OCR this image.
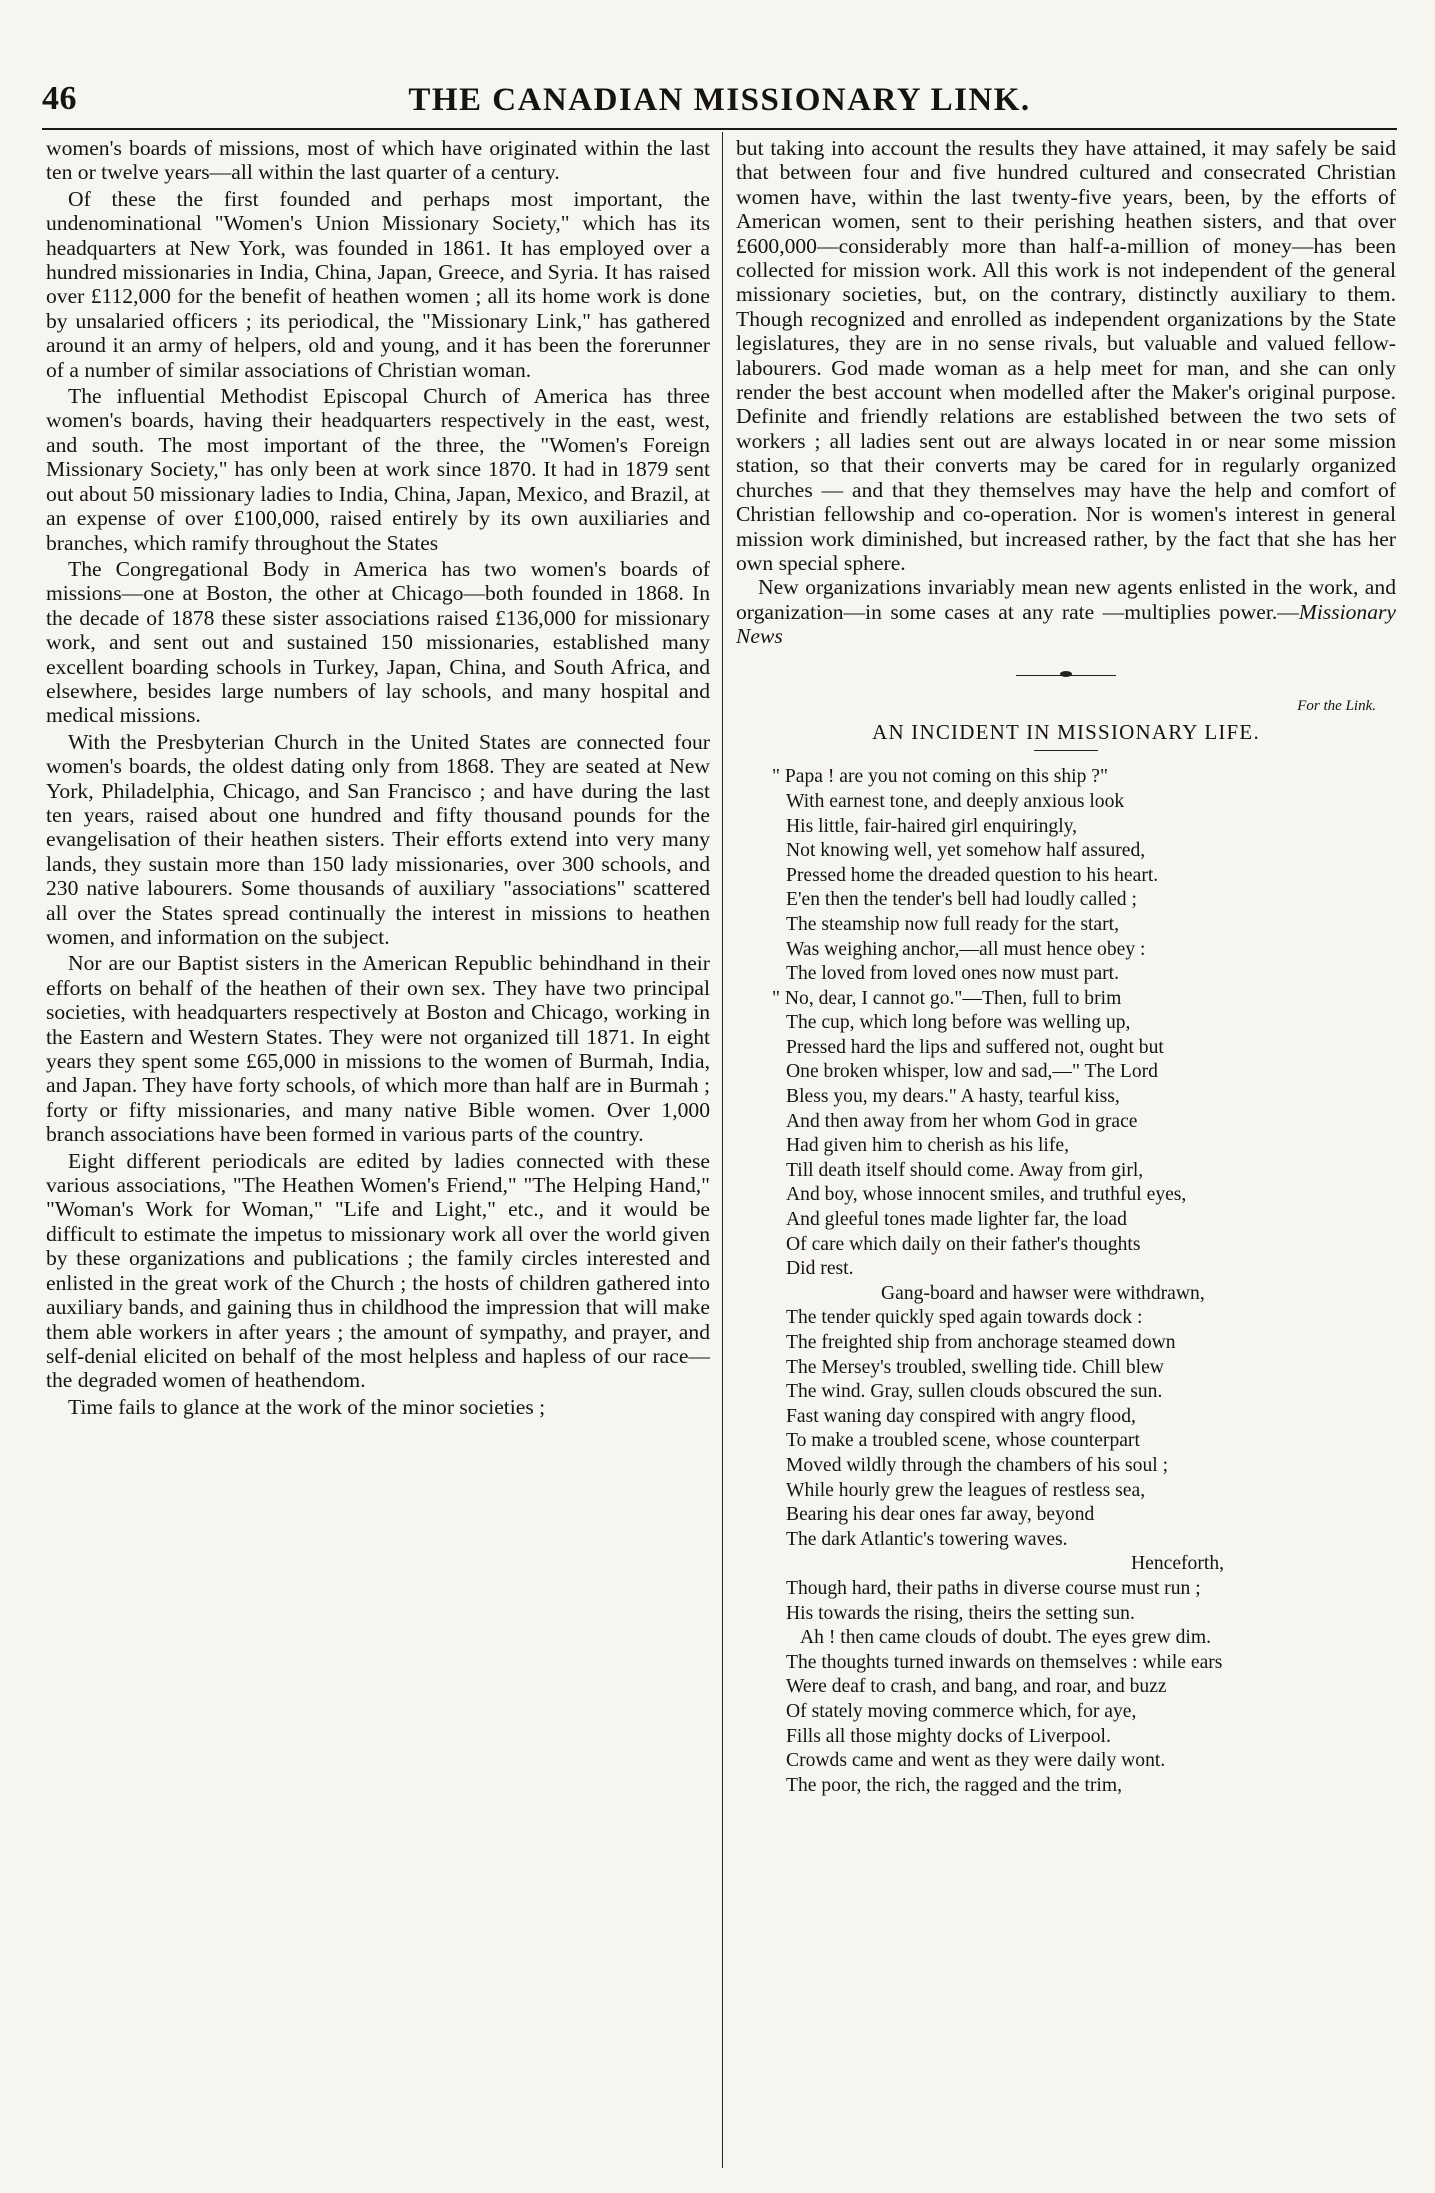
46	THE CANADIAN MISSIONARY LINK.

women's boards of missions, most of which have originated within the last ten or twelve years—all within the last quarter of a century.

Of these the first founded and perhaps most important, the undenominational "Women's Union Missionary Society," which has its headquarters at New York, was founded in 1861. It has employed over a hundred missionaries in India, China, Japan, Greece, and Syria. It has raised over £112,000 for the benefit of heathen women ; all its home work is done by unsalaried officers ; its periodical, the "Missionary Link," has gathered around it an army of helpers, old and young, and it has been the forerunner of a number of similar associations of Christian woman.

The influential Methodist Episcopal Church of America has three women's boards, having their headquarters respectively in the east, west, and south. The most important of the three, the "Women's Foreign Missionary Society," has only been at work since 1870. It had in 1879 sent out about 50 missionary ladies to India, China, Japan, Mexico, and Brazil, at an expense of over £100,000, raised entirely by its own auxiliaries and branches, which ramify throughout the States

The Congregational Body in America has two women's boards of missions—one at Boston, the other at Chicago—both founded in 1868. In the decade of 1878 these sister associations raised £136,000 for missionary work, and sent out and sustained 150 missionaries, established many excellent boarding schools in Turkey, Japan, China, and South Africa, and elsewhere, besides large numbers of lay schools, and many hospital and medical missions.

With the Presbyterian Church in the United States are connected four women's boards, the oldest dating only from 1868. They are seated at New York, Philadelphia, Chicago, and San Francisco ; and have during the last ten years, raised about one hundred and fifty thousand pounds for the evangelisation of their heathen sisters. Their efforts extend into very many lands, they sustain more than 150 lady missionaries, over 300 schools, and 230 native labourers. Some thousands of auxiliary "associations" scattered all over the States spread continually the interest in missions to heathen women, and information on the subject.

Nor are our Baptist sisters in the American Republic behindhand in their efforts on behalf of the heathen of their own sex. They have two principal societies, with headquarters respectively at Boston and Chicago, working in the Eastern and Western States. They were not organized till 1871. In eight years they spent some £65,000 in missions to the women of Burmah, India, and Japan. They have forty schools, of which more than half are in Burmah ; forty or fifty missionaries, and many native Bible women. Over 1,000 branch associations have been formed in various parts of the country.

Eight different periodicals are edited by ladies connected with these various associations, "The Heathen Women's Friend," "The Helping Hand," "Woman's Work for Woman," "Life and Light," etc., and it would be difficult to estimate the impetus to missionary work all over the world given by these organizations and publications ; the family circles interested and enlisted in the great work of the Church ; the hosts of children gathered into auxiliary bands, and gaining thus in childhood the impression that will make them able workers in after years ; the amount of sympathy, and prayer, and self-denial elicited on behalf of the most helpless and hapless of our race—the degraded women of heathendom.

Time fails to glance at the work of the minor societies ;

but taking into account the results they have attained, it may safely be said that between four and five hundred cultured and consecrated Christian women have, within the last twenty-five years, been, by the efforts of American women, sent to their perishing heathen sisters, and that over £600,000—considerably more than half-a-million of money—has been collected for mission work. All this work is not independent of the general missionary societies, but, on the contrary, distinctly auxiliary to them. Though recognized and enrolled as independent organizations by the State legislatures, they are in no sense rivals, but valuable and valued fellow-labourers. God made woman as a help meet for man, and she can only render the best account when modelled after the Maker's original purpose. Definite and friendly relations are established between the two sets of workers ; all ladies sent out are always located in or near some mission station, so that their converts may be cared for in regularly organized churches — and that they themselves may have the help and comfort of Christian fellowship and co-operation. Nor is women's interest in general mission work diminished, but increased rather, by the fact that she has her own special sphere.

New organizations invariably mean new agents enlisted in the work, and organization—in some cases at any rate —multiplies power.—Missionary News

For the Link.
AN INCIDENT IN MISSIONARY LIFE.
" Papa ! are you not coming on this ship ?"
With earnest tone, and deeply anxious look
His little, fair-haired girl enquiringly,
Not knowing well, yet somehow half assured,
Pressed home the dreaded question to his heart.
E'en then the tender's bell had loudly called ;
The steamship now full ready for the start,
Was weighing anchor,—all must hence obey :
The loved from loved ones now must part.
" No, dear, I cannot go."—Then, full to brim
The cup, which long before was welling up,
Pressed hard the lips and suffered not, ought but
One broken whisper, low and sad,—" The Lord
Bless you, my dears." A hasty, tearful kiss,
And then away from her whom God in grace
Had given him to cherish as his life,
Till death itself should come. Away from girl,
And boy, whose innocent smiles, and truthful eyes,
And gleeful tones made lighter far, the load
Of care which daily on their father's thoughts
Did rest.
Gang-board and hawser were withdrawn,
The tender quickly sped again towards dock :
The freighted ship from anchorage steamed down
The Mersey's troubled, swelling tide. Chill blew
The wind. Gray, sullen clouds obscured the sun.
Fast waning day conspired with angry flood,
To make a troubled scene, whose counterpart
Moved wildly through the chambers of his soul ;
While hourly grew the leagues of restless sea,
Bearing his dear ones far away, beyond
The dark Atlantic's towering waves.
Henceforth,
Though hard, their paths in diverse course must run ;
His towards the rising, theirs the setting sun.
Ah ! then came clouds of doubt. The eyes grew dim.
The thoughts turned inwards on themselves : while ears
Were deaf to crash, and bang, and roar, and buzz
Of stately moving commerce which, for aye,
Fills all those mighty docks of Liverpool.
Crowds came and went as they were daily wont.
The poor, the rich, the ragged and the trim,
